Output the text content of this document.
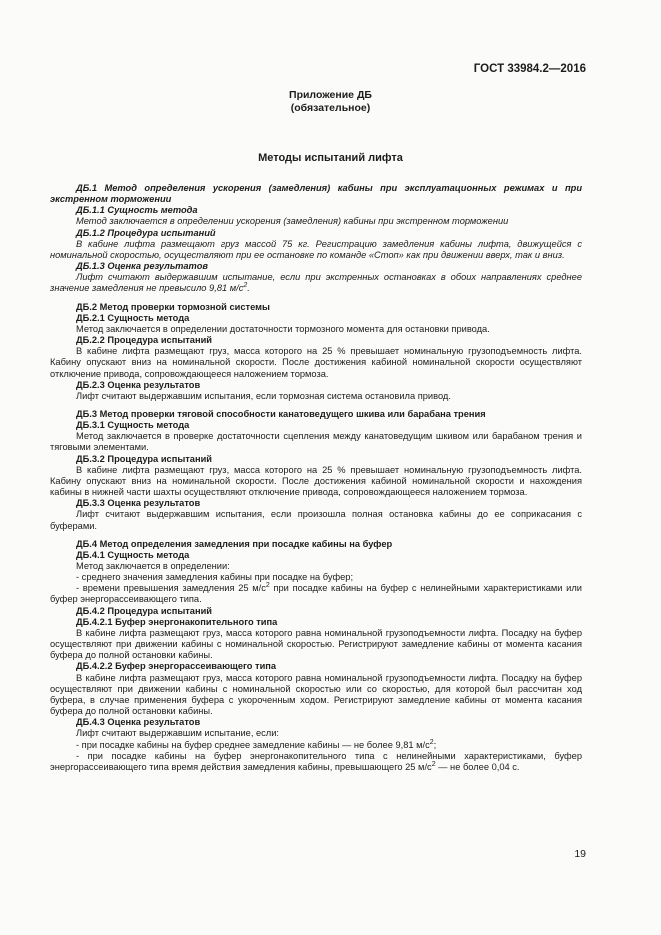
ГОСТ 33984.2—2016
Приложение ДБ
(обязательное)
Методы испытаний лифта
ДБ.1 Метод определения ускорения (замедления) кабины при эксплуатационных режимах и при экстренном торможении
ДБ.1.1 Сущность метода
Метод заключается в определении ускорения (замедления) кабины при экстренном торможении
ДБ.1.2 Процедура испытаний
В кабине лифта размещают груз массой 75 кг. Регистрацию замедления кабины лифта, движущейся с номинальной скоростью, осуществляют при ее остановке по команде «Стоп» как при движении вверх, так и вниз.
ДБ.1.3 Оценка результатов
Лифт считают выдержавшим испытание, если при экстренных остановках в обоих направлениях среднее значение замедления не превысило 9,81 $м/с^2$.
ДБ.2 Метод проверки тормозной системы
ДБ.2.1 Сущность метода
Метод заключается в определении достаточности тормозного момента для остановки привода.
ДБ.2.2 Процедура испытаний
В кабине лифта размещают груз, масса которого на 25 % превышает номинальную грузоподъемность лифта. Кабину опускают вниз на номинальной скорости. После достижения кабиной номинальной скорости осуществляют отключение привода, сопровождающееся наложением тормоза.
ДБ.2.3 Оценка результатов
Лифт считают выдержавшим испытания, если тормозная система остановила привод.
ДБ.3 Метод проверки тяговой способности канатоведущего шкива или барабана трения
ДБ.3.1 Сущность метода
Метод заключается в проверке достаточности сцепления между канатоведущим шкивом или барабаном трения и тяговыми элементами.
ДБ.3.2 Процедура испытаний
В кабине лифта размещают груз, масса которого на 25 % превышает номинальную грузоподъемность лифта. Кабину опускают вниз на номинальной скорости. После достижения кабиной номинальной скорости и нахождения кабины в нижней части шахты осуществляют отключение привода, сопровождающееся наложением тормоза.
ДБ.3.3 Оценка результатов
Лифт считают выдержавшим испытания, если произошла полная остановка кабины до ее соприкасания с буферами.
ДБ.4 Метод определения замедления при посадке кабины на буфер
ДБ.4.1 Сущность метода
Метод заключается в определении:
- среднего значения замедления кабины при посадке на буфер;
- времени превышения замедления 25 $м/с^2$ при посадке кабины на буфер с нелинейными характеристиками или буфер энергорассеивающего типа.
ДБ.4.2 Процедура испытаний
ДБ.4.2.1 Буфер энергонакопительного типа
В кабине лифта размещают груз, масса которого равна номинальной грузоподъемности лифта. Посадку на буфер осуществляют при движении кабины с номинальной скоростью. Регистрируют замедление кабины от момента касания буфера до полной остановки кабины.
ДБ.4.2.2 Буфер энергорассеивающего типа
В кабине лифта размещают груз, масса которого равна номинальной грузоподъемности лифта. Посадку на буфер осуществляют при движении кабины с номинальной скоростью или со скоростью, для которой был рассчитан ход буфера, в случае применения буфера с укороченным ходом. Регистрируют замедление кабины от момента касания буфера до полной остановки кабины.
ДБ.4.3 Оценка результатов
Лифт считают выдержавшим испытание, если:
- при посадке кабины на буфер среднее замедление кабины — не более 9,81 $м/с^2$;
- при посадке кабины на буфер энергонакопительного типа с нелинейными характеристиками, буфер энергорассеивающего типа время действия замедления кабины, превышающего 25 $м/с^2$ — не более 0,04 с.
19
